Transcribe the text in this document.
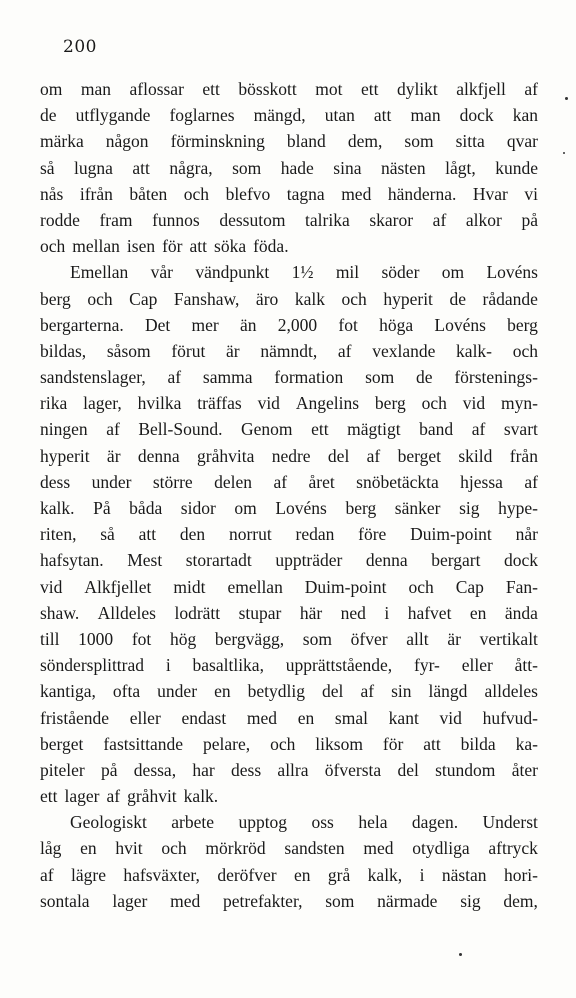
200
om man aflossar ett bösskott mot ett dylikt alkfjell af
de utflygande foglarnes mängd, utan att man dock kan
märka någon förminskning bland dem, som sitta qvar
så lugna att några, som hade sina nästen lågt, kunde
nås ifrån båten och blefvo tagna med händerna. Hvar vi
rodde fram funnos dessutom talrika skaror af alkor på
och mellan isen för att söka föda.
Emellan vår vändpunkt 1½ mil söder om Lovéns
berg och Cap Fanshaw, äro kalk och hyperit de rådande
bergarterna. Det mer än 2,000 fot höga Lovéns berg
bildas, såsom förut är nämndt, af vexlande kalk- och
sandstenslager, af samma formation som de förstenings-
rika lager, hvilka träffas vid Angelins berg och vid myn-
ningen af Bell-Sound. Genom ett mägtigt band af svart
hyperit är denna gråhvita nedre del af berget skild från
dess under större delen af året snöbetäckta hjessa af
kalk. På båda sidor om Lovéns berg sänker sig hype-
riten, så att den norrut redan före Duim-point når
hafsytan. Mest storartadt uppträder denna bergart dock
vid Alkfjellet midt emellan Duim-point och Cap Fan-
shaw. Alldeles lodrätt stupar här ned i hafvet en ända
till 1000 fot hög bergvägg, som öfver allt är vertikalt
söndersplittrad i basaltlika, upprättstående, fyr- eller ått-
kantiga, ofta under en betydlig del af sin längd alldeles
fristående eller endast med en smal kant vid hufvud-
berget fastsittande pelare, och liksom för att bilda ka-
piteler på dessa, har dess allra öfversta del stundom åter
ett lager af gråhvit kalk.
Geologiskt arbete upptog oss hela dagen. Underst
låg en hvit och mörkröd sandsten med otydliga aftryck
af lägre hafsväxter, deröfver en grå kalk, i nästan hori-
sontala lager med petrefakter, som närmade sig dem,
